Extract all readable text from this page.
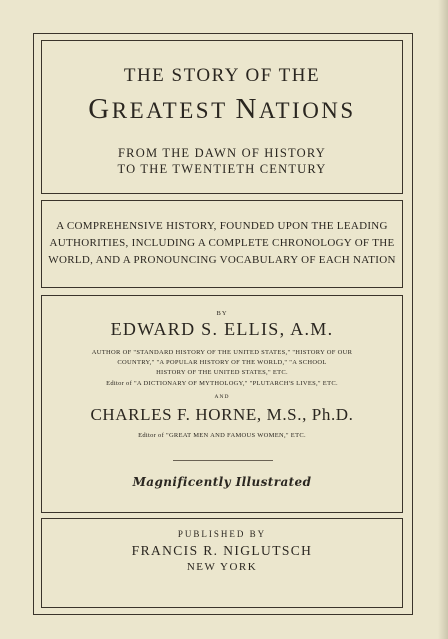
THE STORY OF THE
GREATEST NATIONS
FROM THE DAWN OF HISTORY
TO THE TWENTIETH CENTURY
A COMPREHENSIVE HISTORY, FOUNDED UPON THE LEADING
AUTHORITIES, INCLUDING A COMPLETE CHRONOLOGY OF THE
WORLD, AND A PRONOUNCING VOCABULARY OF EACH NATION
BY
EDWARD S. ELLIS, A.M.
AUTHOR OF "STANDARD HISTORY OF THE UNITED STATES," "HISTORY OF OUR
COUNTRY," "A POPULAR HISTORY OF THE WORLD," "A SCHOOL
HISTORY OF THE UNITED STATES," ETC.
Editor of "A DICTIONARY OF MYTHOLOGY," "PLUTARCH'S LIVES," ETC.
AND
CHARLES F. HORNE, M.S., Ph.D.
Editor of "GREAT MEN AND FAMOUS WOMEN," ETC.
Magnificently Illustrated
PUBLISHED BY
FRANCIS R. NIGLUTSCH
NEW YORK
